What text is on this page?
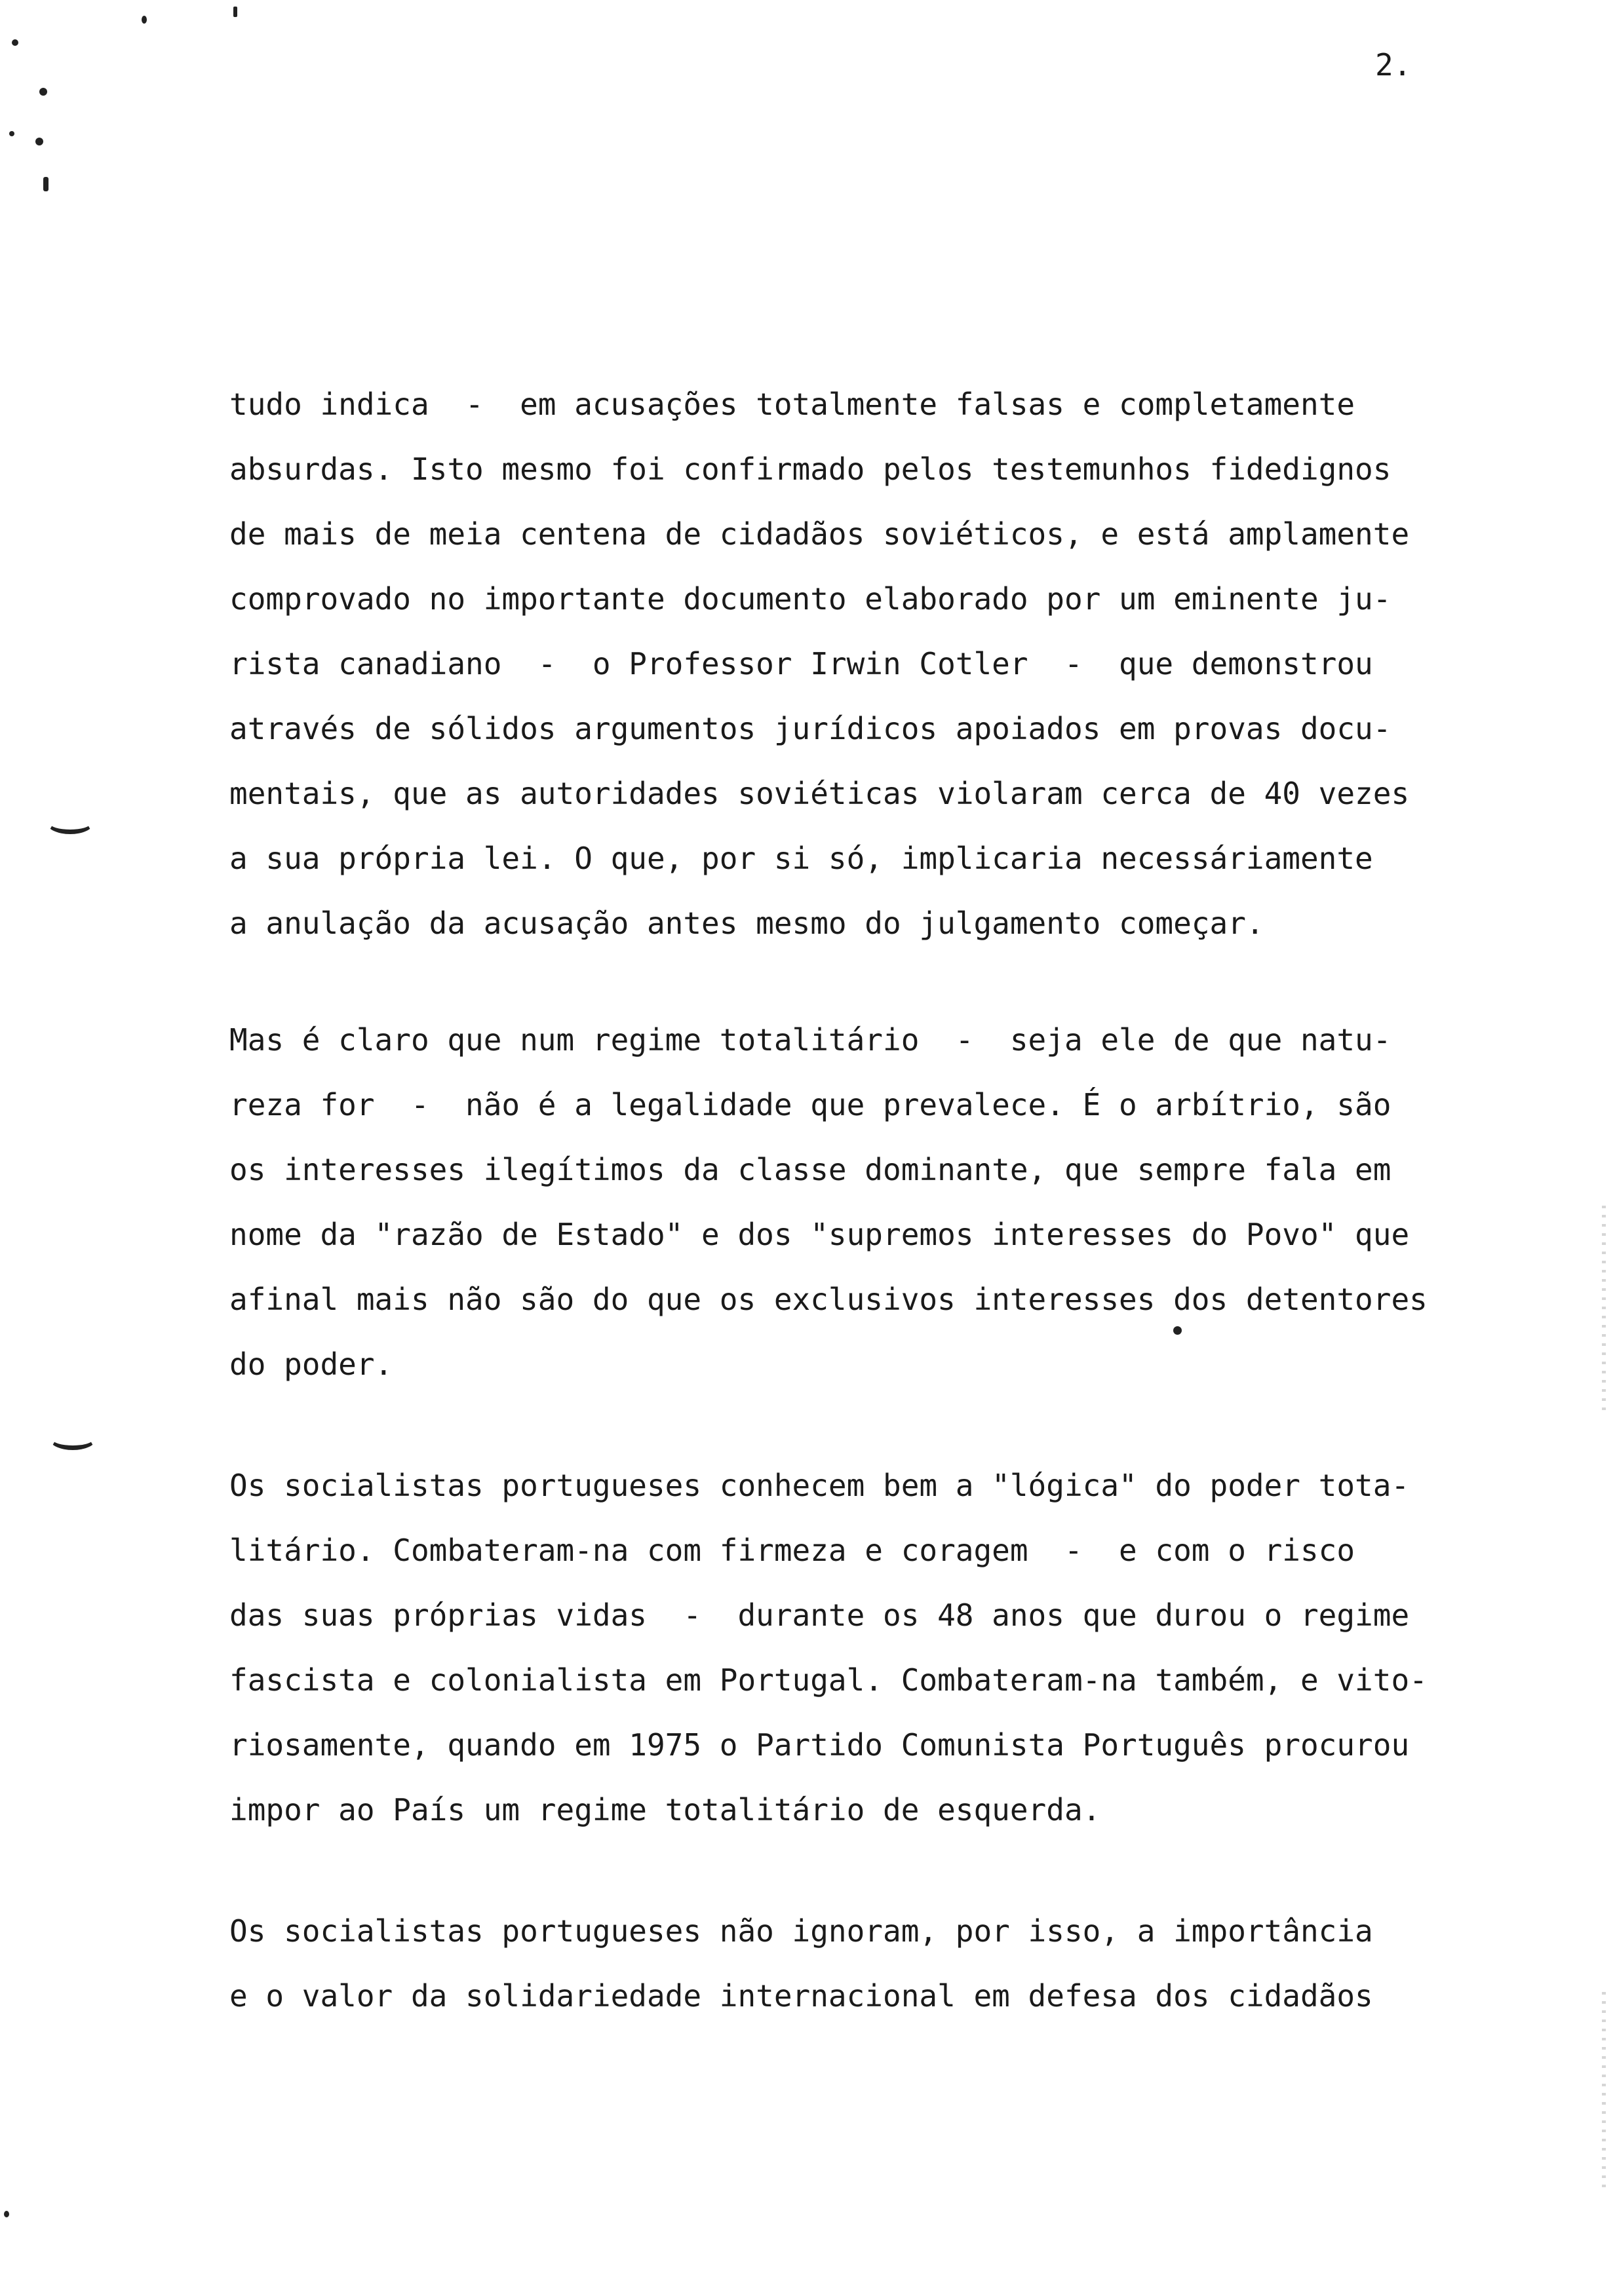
2.
tudo indica  -  em acusações totalmente falsas e completamente
absurdas. Isto mesmo foi confirmado pelos testemunhos fidedignos
de mais de meia centena de cidadãos soviéticos, e está amplamente
comprovado no importante documento elaborado por um eminente ju-
rista canadiano  -  o Professor Irwin Cotler  -  que demonstrou
através de sólidos argumentos jurídicos apoiados em provas docu-
mentais, que as autoridades soviéticas violaram cerca de 40 vezes
a sua própria lei. O que, por si só, implicaria necessáriamente
a anulação da acusação antes mesmo do julgamento começar.
Mas é claro que num regime totalitário  -  seja ele de que natu-
reza for  -  não é a legalidade que prevalece. É o arbítrio, são
os interesses ilegítimos da classe dominante, que sempre fala em
nome da "razão de Estado" e dos "supremos interesses do Povo" que
afinal mais não são do que os exclusivos interesses dos detentores
do poder.
Os socialistas portugueses conhecem bem a "lógica" do poder tota-
litário. Combateram-na com firmeza e coragem  -  e com o risco
das suas próprias vidas  -  durante os 48 anos que durou o regime
fascista e colonialista em Portugal. Combateram-na também, e vito-
riosamente, quando em 1975 o Partido Comunista Português procurou
impor ao País um regime totalitário de esquerda.
Os socialistas portugueses não ignoram, por isso, a importância
e o valor da solidariedade internacional em defesa dos cidadãos
